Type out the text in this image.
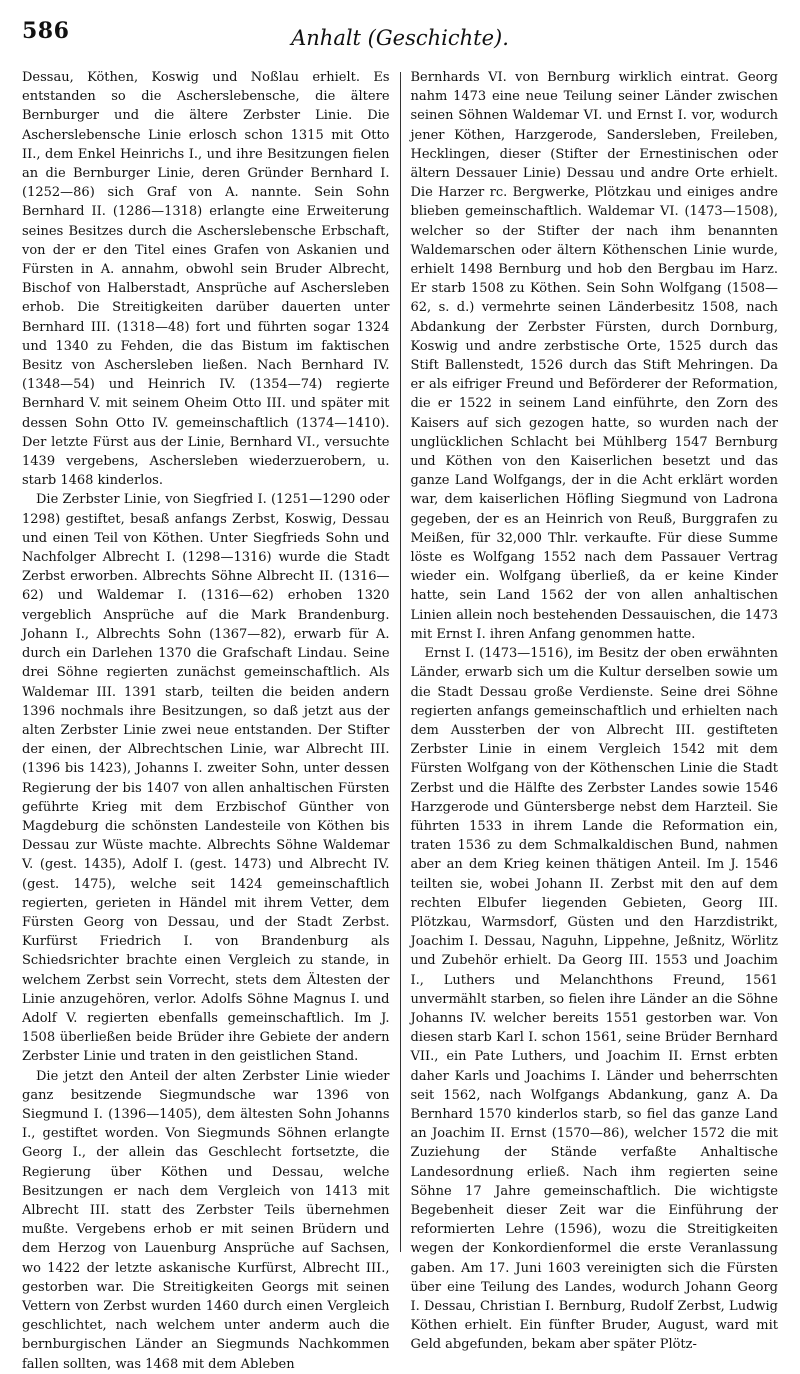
586	Anhalt (Geschichte).

Dessau, Köthen, Koswig und Noßlau erhielt. Es entstanden so die Ascherslebensche, die ältere Bernburger und die ältere Zerbster Linie. Die Ascherslebensche Linie erlosch schon 1315 mit Otto II., dem Enkel Heinrichs I., und ihre Besitzungen fielen an die Bernburger Linie, deren Gründer Bernhard I. (1252—86) sich Graf von A. nannte. Sein Sohn Bernhard II. (1286—1318) erlangte eine Erweiterung seines Besitzes durch die Ascherslebensche Erbschaft, von der er den Titel eines Grafen von Askanien und Fürsten in A. annahm, obwohl sein Bruder Albrecht, Bischof von Halberstadt, Ansprüche auf Aschersleben erhob. Die Streitigkeiten darüber dauerten unter Bernhard III. (1318—48) fort und führten sogar 1324 und 1340 zu Fehden, die das Bistum im faktischen Besitz von Aschersleben ließen. Nach Bernhard IV. (1348—54) und Heinrich IV. (1354—74) regierte Bernhard V. mit seinem Oheim Otto III. und später mit dessen Sohn Otto IV. gemeinschaftlich (1374—1410). Der letzte Fürst aus der Linie, Bernhard VI., versuchte 1439 vergebens, Aschersleben wiederzuerobern, u. starb 1468 kinderlos.

Die Zerbster Linie, von Siegfried I. (1251—1290 oder 1298) gestiftet, besaß anfangs Zerbst, Koswig, Dessau und einen Teil von Köthen. Unter Siegfrieds Sohn und Nachfolger Albrecht I. (1298—1316) wurde die Stadt Zerbst erworben. Albrechts Söhne Albrecht II. (1316—62) und Waldemar I. (1316—62) erhoben 1320 vergeblich Ansprüche auf die Mark Brandenburg. Johann I., Albrechts Sohn (1367—82), erwarb für A. durch ein Darlehen 1370 die Grafschaft Lindau. Seine drei Söhne regierten zunächst gemeinschaftlich. Als Waldemar III. 1391 starb, teilten die beiden andern 1396 nochmals ihre Besitzungen, so daß jetzt aus der alten Zerbster Linie zwei neue entstanden. Der Stifter der einen, der Albrechtschen Linie, war Albrecht III. (1396 bis 1423), Johanns I. zweiter Sohn, unter dessen Regierung der bis 1407 von allen anhaltischen Fürsten geführte Krieg mit dem Erzbischof Günther von Magdeburg die schönsten Landesteile von Köthen bis Dessau zur Wüste machte. Albrechts Söhne Waldemar V. (gest. 1435), Adolf I. (gest. 1473) und Albrecht IV. (gest. 1475), welche seit 1424 gemeinschaftlich regierten, gerieten in Händel mit ihrem Vetter, dem Fürsten Georg von Dessau, und der Stadt Zerbst. Kurfürst Friedrich I. von Brandenburg als Schiedsrichter brachte einen Vergleich zu stande, in welchem Zerbst sein Vorrecht, stets dem Ältesten der Linie anzugehören, verlor. Adolfs Söhne Magnus I. und Adolf V. regierten ebenfalls gemeinschaftlich. Im J. 1508 überließen beide Brüder ihre Gebiete der andern Zerbster Linie und traten in den geistlichen Stand.

Die jetzt den Anteil der alten Zerbster Linie wieder ganz besitzende Siegmundsche war 1396 von Siegmund I. (1396—1405), dem ältesten Sohn Johanns I., gestiftet worden. Von Siegmunds Söhnen erlangte Georg I., der allein das Geschlecht fortsetzte, die Regierung über Köthen und Dessau, welche Besitzungen er nach dem Vergleich von 1413 mit Albrecht III. statt des Zerbster Teils übernehmen mußte. Vergebens erhob er mit seinen Brüdern und dem Herzog von Lauenburg Ansprüche auf Sachsen, wo 1422 der letzte askanische Kurfürst, Albrecht III., gestorben war. Die Streitigkeiten Georgs mit seinen Vettern von Zerbst wurden 1460 durch einen Vergleich geschlichtet, nach welchem unter anderm auch die bernburgischen Länder an Siegmunds Nachkommen fallen sollten, was 1468 mit dem Ableben

Bernhards VI. von Bernburg wirklich eintrat. Georg nahm 1473 eine neue Teilung seiner Länder zwischen seinen Söhnen Waldemar VI. und Ernst I. vor, wodurch jener Köthen, Harzgerode, Sandersleben, Freileben, Hecklingen, dieser (Stifter der Ernestinischen oder ältern Dessauer Linie) Dessau und andre Orte erhielt. Die Harzer rc. Bergwerke, Plötzkau und einiges andre blieben gemeinschaftlich. Waldemar VI. (1473—1508), welcher so der Stifter der nach ihm benannten Waldemarschen oder ältern Köthenschen Linie wurde, erhielt 1498 Bernburg und hob den Bergbau im Harz. Er starb 1508 zu Köthen. Sein Sohn Wolfgang (1508—62, s. d.) vermehrte seinen Länderbesitz 1508, nach Abdankung der Zerbster Fürsten, durch Dornburg, Koswig und andre zerbstische Orte, 1525 durch das Stift Ballenstedt, 1526 durch das Stift Mehringen. Da er als eifriger Freund und Beförderer der Reformation, die er 1522 in seinem Land einführte, den Zorn des Kaisers auf sich gezogen hatte, so wurden nach der unglücklichen Schlacht bei Mühlberg 1547 Bernburg und Köthen von den Kaiserlichen besetzt und das ganze Land Wolfgangs, der in die Acht erklärt worden war, dem kaiserlichen Höfling Siegmund von Ladrona gegeben, der es an Heinrich von Reuß, Burggrafen zu Meißen, für 32,000 Thlr. verkaufte. Für diese Summe löste es Wolfgang 1552 nach dem Passauer Vertrag wieder ein. Wolfgang überließ, da er keine Kinder hatte, sein Land 1562 der von allen anhaltischen Linien allein noch bestehenden Dessauischen, die 1473 mit Ernst I. ihren Anfang genommen hatte.

Ernst I. (1473—1516), im Besitz der oben erwähnten Länder, erwarb sich um die Kultur derselben sowie um die Stadt Dessau große Verdienste. Seine drei Söhne regierten anfangs gemeinschaftlich und erhielten nach dem Aussterben der von Albrecht III. gestifteten Zerbster Linie in einem Vergleich 1542 mit dem Fürsten Wolfgang von der Köthenschen Linie die Stadt Zerbst und die Hälfte des Zerbster Landes sowie 1546 Harzgerode und Güntersberge nebst dem Harzteil. Sie führten 1533 in ihrem Lande die Reformation ein, traten 1536 zu dem Schmalkaldischen Bund, nahmen aber an dem Krieg keinen thätigen Anteil. Im J. 1546 teilten sie, wobei Johann II. Zerbst mit den auf dem rechten Elbufer liegenden Gebieten, Georg III. Plötzkau, Warmsdorf, Güsten und den Harzdistrikt, Joachim I. Dessau, Naguhn, Lippehne, Jeßnitz, Wörlitz und Zubehör erhielt. Da Georg III. 1553 und Joachim I., Luthers und Melanchthons Freund, 1561 unvermählt starben, so fielen ihre Länder an die Söhne Johanns IV. welcher bereits 1551 gestorben war. Von diesen starb Karl I. schon 1561, seine Brüder Bernhard VII., ein Pate Luthers, und Joachim II. Ernst erbten daher Karls und Joachims I. Länder und beherrschten seit 1562, nach Wolfgangs Abdankung, ganz A. Da Bernhard 1570 kinderlos starb, so fiel das ganze Land an Joachim II. Ernst (1570—86), welcher 1572 die mit Zuziehung der Stände verfaßte Anhaltische Landesordnung erließ. Nach ihm regierten seine Söhne 17 Jahre gemeinschaftlich. Die wichtigste Begebenheit dieser Zeit war die Einführung der reformierten Lehre (1596), wozu die Streitigkeiten wegen der Konkordienformel die erste Veranlassung gaben. Am 17. Juni 1603 vereinigten sich die Fürsten über eine Teilung des Landes, wodurch Johann Georg I. Dessau, Christian I. Bernburg, Rudolf Zerbst, Ludwig Köthen erhielt. Ein fünfter Bruder, August, ward mit Geld abgefunden, bekam aber später Plötz-
